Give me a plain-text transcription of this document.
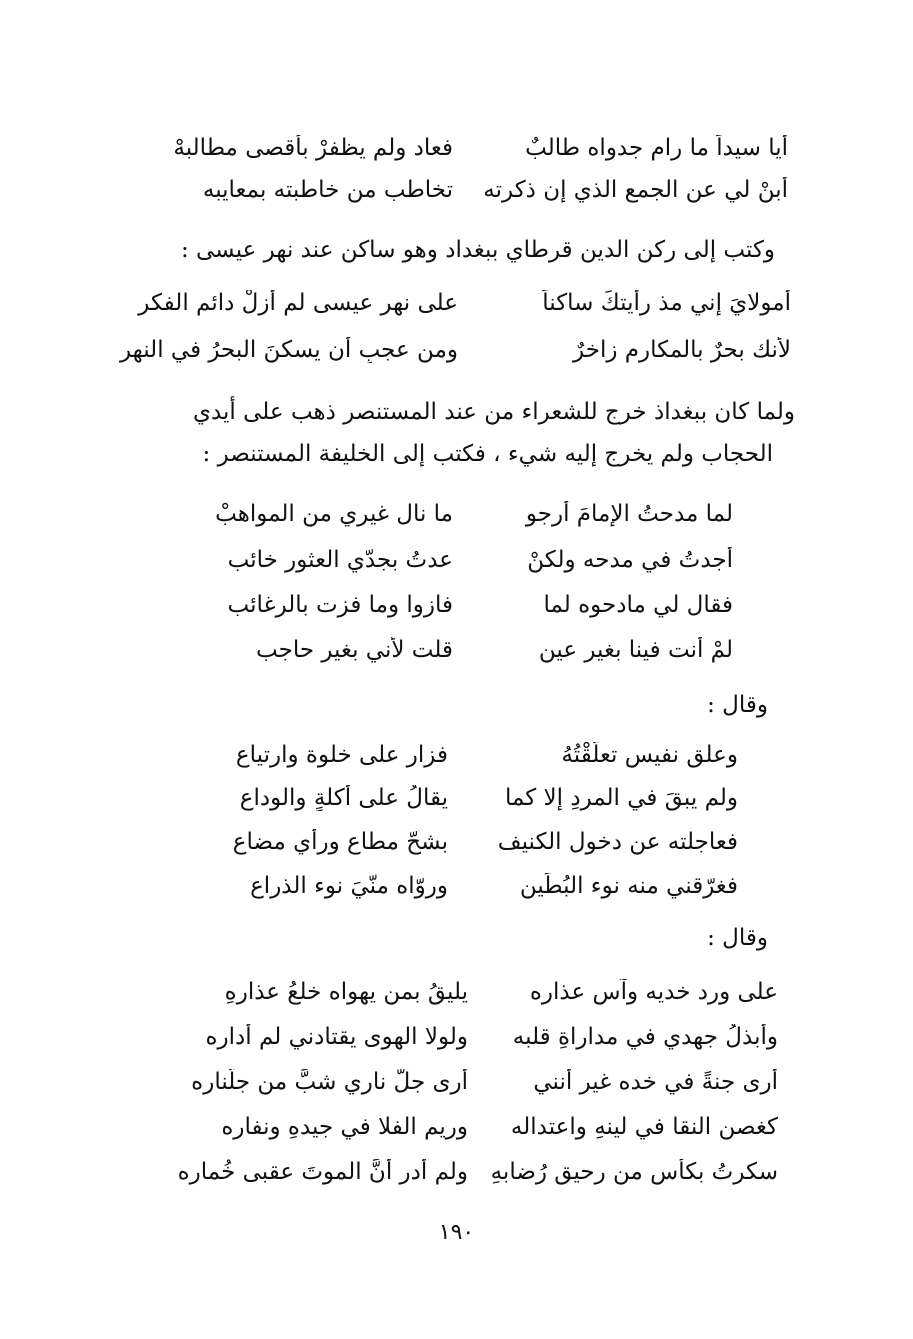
أيا سيداً ما رام جدواه طالبٌ
فعاد ولم يظفرْ بأقصى مطالبهْ
أبنْ لي عن الجمع الذي إن ذكرته
تخاطب من خاطبته بمعايبه
وكتب إلى ركن الدين قرطاي ببغداد وهو ساكن عند نهر عيسى :
أمولايَ إني مذ رأيتكَ ساكناً
على نهر عيسى لم أزلْ دائم الفكرِ
لأنك بحرٌ بالمكارم زاخرٌ
ومن عجبٍ أن يسكنَ البحرُ في النهر
ولما كان ببغداذ خرج للشعراء من عند المستنصر ذهب على أيدي
الحجاب ولم يخرج إليه شيء ، فكتب إلى الخليفة المستنصر :
لما مدحتُ الإمامَ أرجو
ما نال غيري من المواهبْ
أجدتُ في مدحه ولكنْ
عدتُ بجدّي العثور خائب
فقال لي مادحوه لما
فازوا وما فزت بالرغائب
لمْ أنت فينا بغير عينٍ
قلت لأني بغير حاجب
وقال :
وعلقٍ نفيسٍ تعلّقْتُهُ
فزار على خلوة وارتياعِ
ولم يبقَ في المردِ إلا كما
يقالُ على أكلةٍ والوداع
فعاجلته عن دخول الكنيف
بشحّ مطاع ورأيٍ مضاع
فغرّقني منه نوء البُطَينِ
وروّاه منّيَ نوء الذراع
وقال :
على ورد خديه وآسِ عذاره
يليقُ بمن يهواه خلعُ عذارهِ
وأبذلُ جهدي في مداراةِ قلبه
ولولا الهوى يقتادني لم أداره
أرى جنةً في خده غير أنني
أرى جلَّ ناري شبَّ من جلّناره
كغصنِ النقا في لينهِ واعتداله
وريم الفلا في جيدهِ ونفاره
سكرتُ بكأسٍ من رحيق رُضابهِ
ولم أدرِ أنَّ الموتَ عقبى خُماره
١٩٠
